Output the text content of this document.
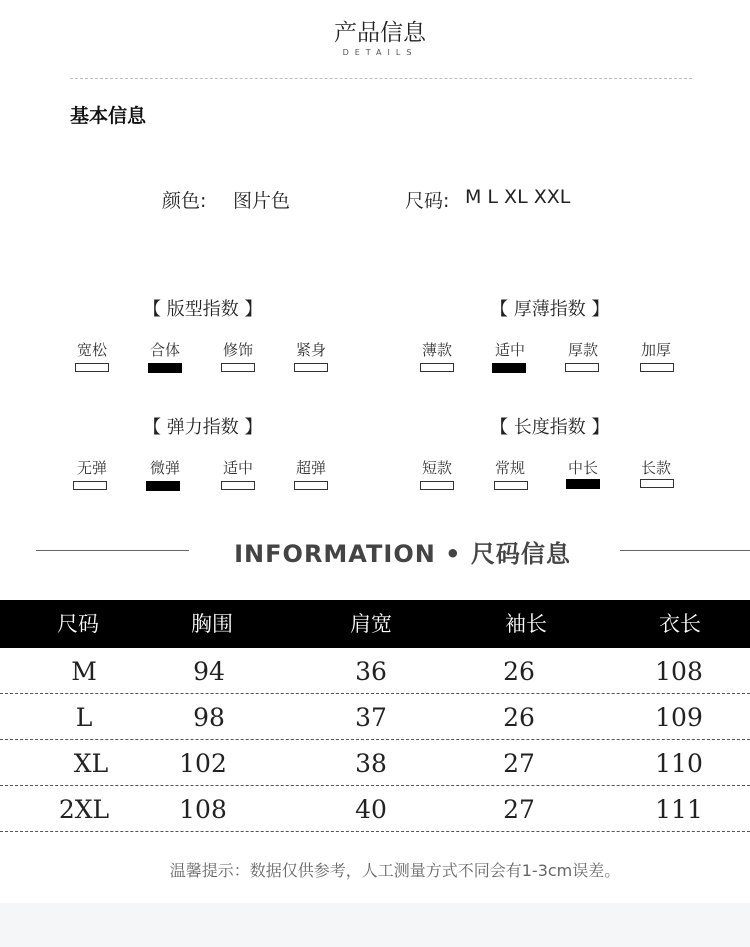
产品信息
DETAILS
基本信息
颜色: 图片色	尺码: M L XL XXL
【 版型指数 】
宽松	合体	修饰	紧身
【 厚薄指数 】
薄款	适中	厚款	加厚
【 弹力指数 】
无弹	微弹	适中	超弹
【 长度指数 】
短款	常规	中长	长款
INFORMATION • 尺码信息
尺码	胸围	肩宽	袖长	衣长
M	94	36	26	108
L	98	37	26	109
XL	102	38	27	110
2XL	108	40	27	111
温馨提示：数据仅供参考，人工测量方式不同会有1-3cm误差。
